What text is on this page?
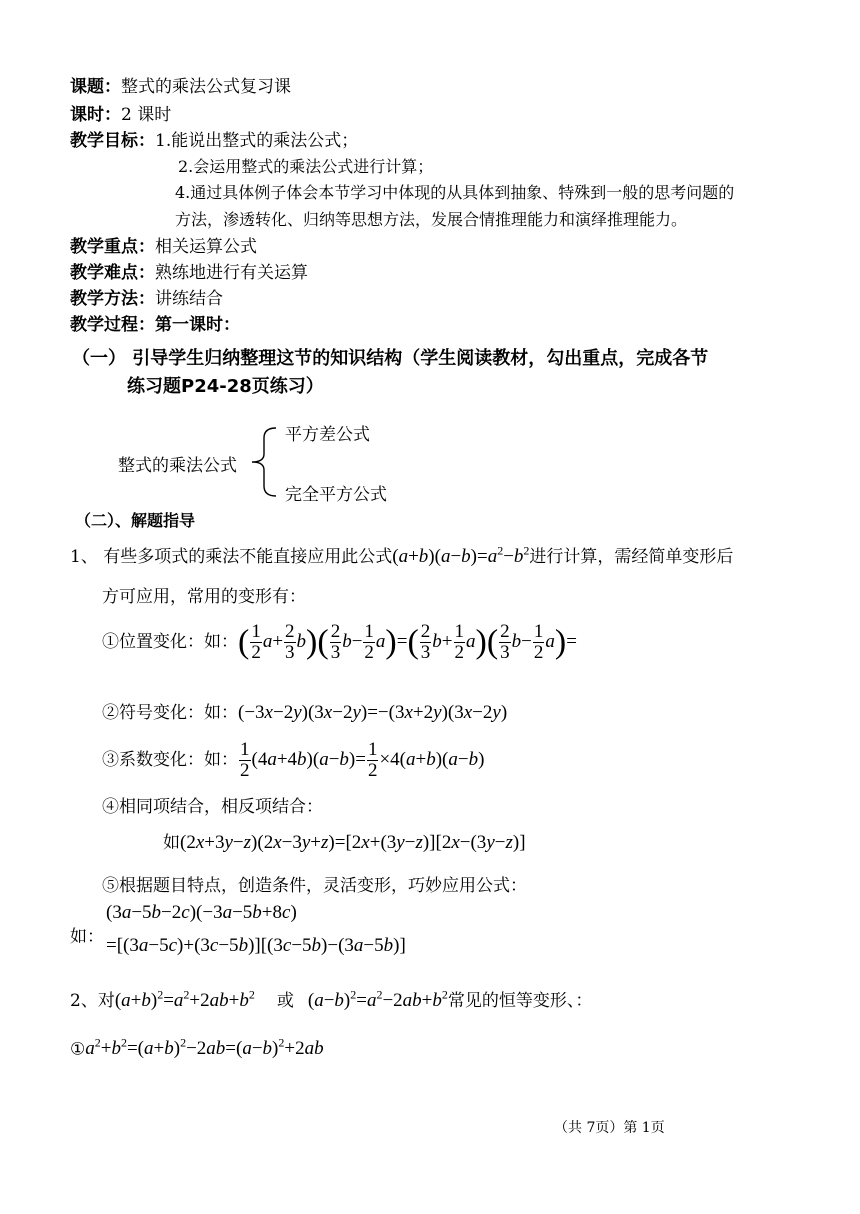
课题：整式的乘法公式复习课
课时：2 课时
教学目标：1.能说出整式的乘法公式；
2.会运用整式的乘法公式进行计算；
4.通过具体例子体会本节学习中体现的从具体到抽象、特殊到一般的思考问题的
方法，渗透转化、归纳等思想方法，发展合情推理能力和演绎推理能力。
教学重点：相关运算公式
教学难点：熟练地进行有关运算
教学方法：讲练结合
教学过程：第一课时：
（一） 引导学生归纳整理这节的知识结构（学生阅读教材，勾出重点，完成各节
练习题P24-28页练习）
整式的乘法公式
平方差公式
完全平方公式
（二）、解题指导
1、 有些多项式的乘法不能直接应用此公式$(a+b)(a-b)=a^2-b^2$进行计算，需经简单变形后
方可应用，常用的变形有：
①位置变化：如：( $\frac{1}{2} a+ \frac{2}{3} b)( \frac{2}{3} b- \frac{1}{2} a)=( \frac{2}{3} b+ \frac{1}{2} a)( \frac{2}{3} b- \frac{1}{2} a)=$
②符号变化：如：(−3x−2y)(3x−2y)=−(3x+2y)(3x−2y)
③系数变化：如： $\frac{1}{2} (4a+4b)(a-b)= \frac{1}{2} \times 4(a+b)(a-b)$
④相同项结合，相反项结合：
如(2x+3y−z)(2x−3y+z)=[2x+(3y−z)][2x−(3y−z)]
⑤根据题目特点，创造条件，灵活变形，巧妙应用公式：
如：
(3a−5b−2c)(−3a−5b+8c)
=[(3a−5c)+(3c−5b)][(3c−5b)−(3a−5b)]
2、对$(a+b)^2=a^2+2ab+b^2$ 或 $(a-b)^2=a^2-2ab+b^2$常见的恒等变形、：
$①a^2+b^2=(a+b)^2-2ab=(a-b)^2+2ab$
（共 7页）第 1页
